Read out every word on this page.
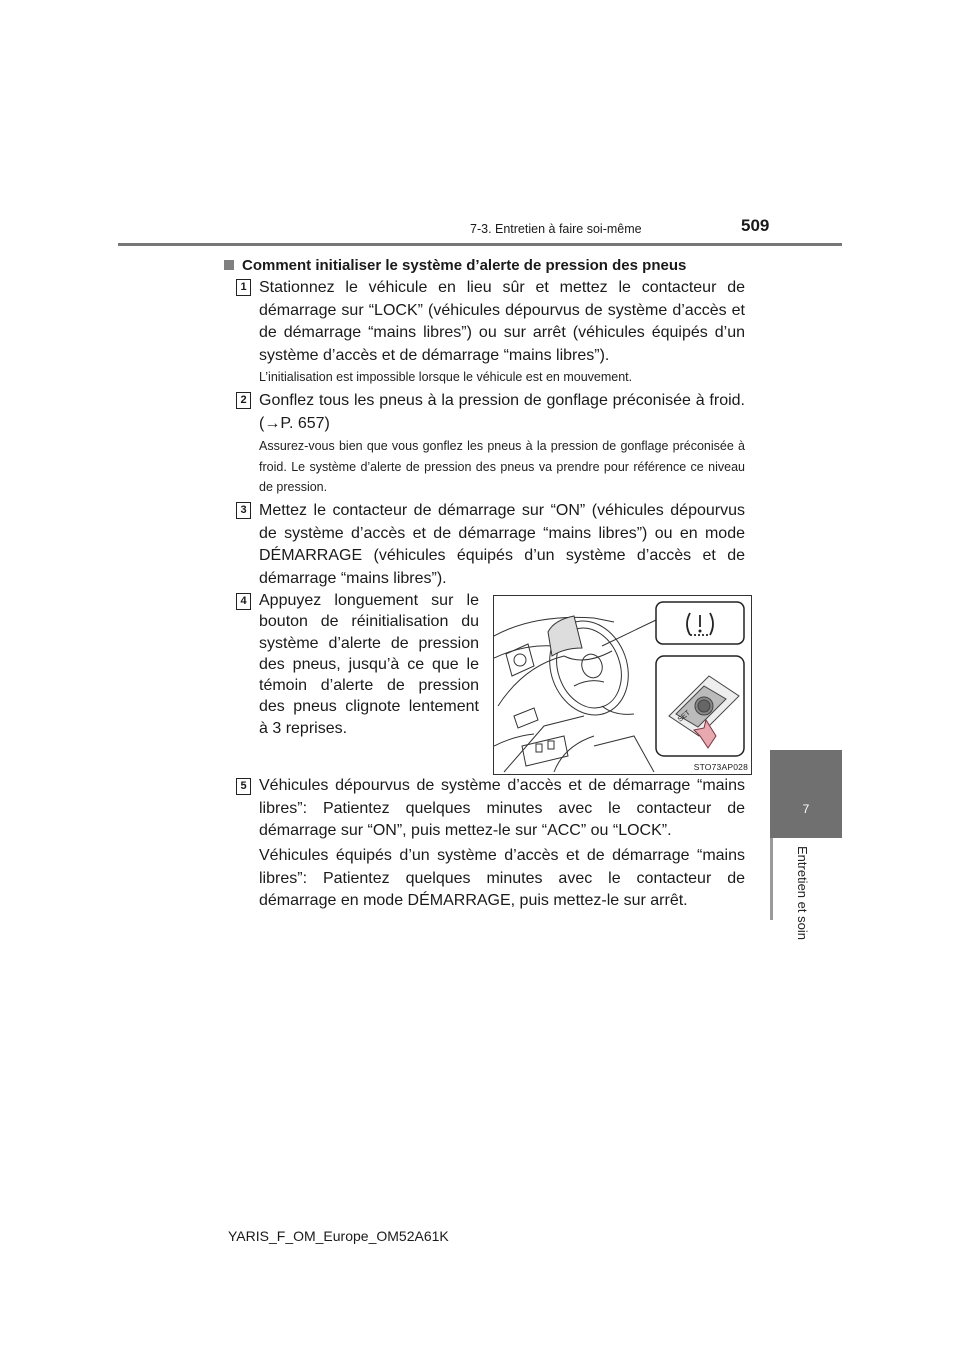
7-3. Entretien à faire soi-même	509
7
Entretien et soin
Comment initialiser le système d’alerte de pression des pneus
1 Stationnez le véhicule en lieu sûr et mettez le contacteur de démarrage sur “LOCK” (véhicules dépourvus de système d’accès et de démarrage “mains libres”) ou sur arrêt (véhicules équipés d’un système d’accès et de démarrage “mains libres”).
L’initialisation est impossible lorsque le véhicule est en mouvement.
2 Gonflez tous les pneus à la pression de gonflage préconisée à froid. (→P. 657)
Assurez-vous bien que vous gonflez les pneus à la pression de gonflage préconisée à froid. Le système d’alerte de pression des pneus va prendre pour référence ce niveau de pression.
3 Mettez le contacteur de démarrage sur “ON” (véhicules dépourvus de système d’accès et de démarrage “mains libres”) ou en mode DÉMARRAGE (véhicules équipés d’un système d’accès et de démarrage “mains libres”).
4 Appuyez longuement sur le bouton de réinitialisation du système d’alerte de pression des pneus, jusqu’à ce que le témoin d’alerte de pression des pneus clignote lentement à 3 reprises.
SET
STO73AP028
5 Véhicules dépourvus de système d’accès et de démarrage “mains libres”: Patientez quelques minutes avec le contacteur de démarrage sur “ON”, puis mettez-le sur “ACC” ou “LOCK”.
Véhicules équipés d’un système d’accès et de démarrage “mains libres”: Patientez quelques minutes avec le contacteur de démarrage en mode DÉMARRAGE, puis mettez-le sur arrêt.
YARIS_F_OM_Europe_OM52A61K
